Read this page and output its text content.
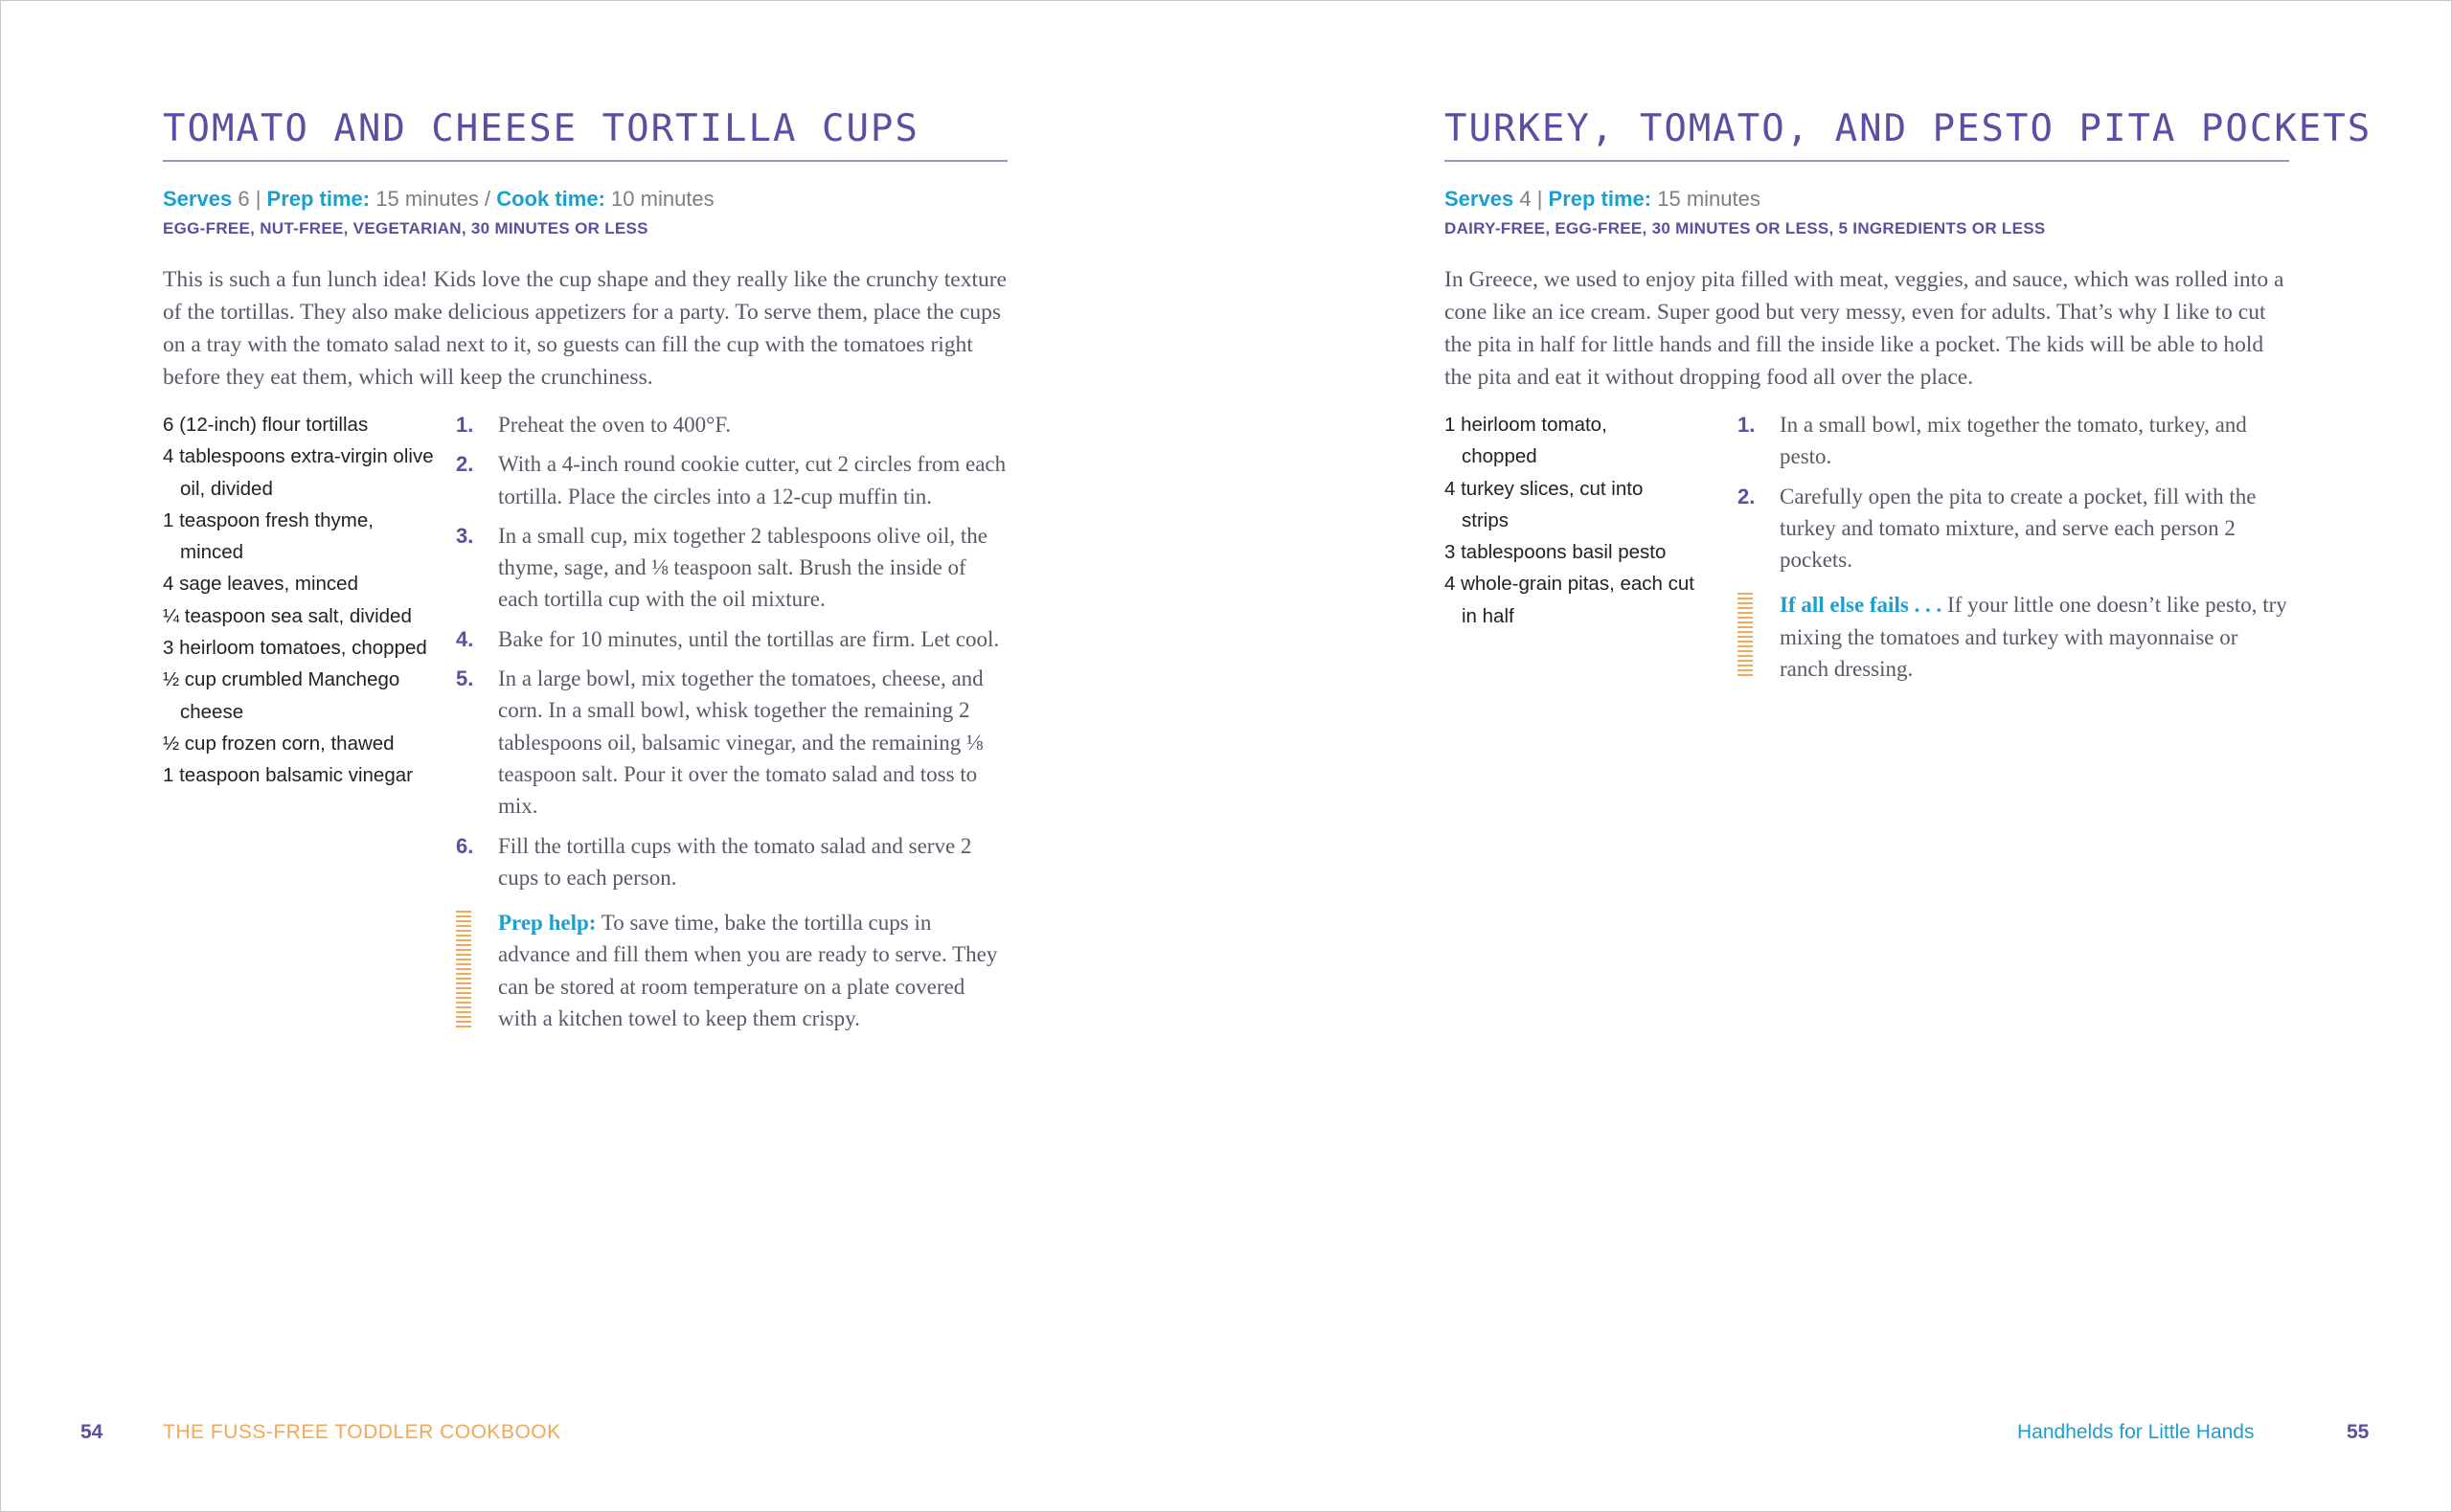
TOMATO AND CHEESE TORTILLA CUPS
Serves 6 | Prep time: 15 minutes / Cook time: 10 minutes
EGG-FREE, NUT-FREE, VEGETARIAN, 30 MINUTES OR LESS
This is such a fun lunch idea! Kids love the cup shape and they really like the crunchy texture of the tortillas. They also make delicious appetizers for a party. To serve them, place the cups on a tray with the tomato salad next to it, so guests can fill the cup with the tomatoes right before they eat them, which will keep the crunchiness.
6 (12-inch) flour tortillas
4 tablespoons extra-virgin olive oil, divided
1 teaspoon fresh thyme, minced
4 sage leaves, minced
¼ teaspoon sea salt, divided
3 heirloom tomatoes, chopped
½ cup crumbled Manchego cheese
½ cup frozen corn, thawed
1 teaspoon balsamic vinegar
1. Preheat the oven to 400°F.
2. With a 4-inch round cookie cutter, cut 2 circles from each tortilla. Place the circles into a 12-cup muffin tin.
3. In a small cup, mix together 2 tablespoons olive oil, the thyme, sage, and ⅛ teaspoon salt. Brush the inside of each tortilla cup with the oil mixture.
4. Bake for 10 minutes, until the tortillas are firm. Let cool.
5. In a large bowl, mix together the tomatoes, cheese, and corn. In a small bowl, whisk together the remaining 2 tablespoons oil, balsamic vinegar, and the remaining ⅛ teaspoon salt. Pour it over the tomato salad and toss to mix.
6. Fill the tortilla cups with the tomato salad and serve 2 cups to each person.
Prep help: To save time, bake the tortilla cups in advance and fill them when you are ready to serve. They can be stored at room temperature on a plate covered with a kitchen towel to keep them crispy.
54	THE FUSS-FREE TODDLER COOKBOOK
TURKEY, TOMATO, AND PESTO PITA POCKETS
Serves 4 | Prep time: 15 minutes
DAIRY-FREE, EGG-FREE, 30 MINUTES OR LESS, 5 INGREDIENTS OR LESS
In Greece, we used to enjoy pita filled with meat, veggies, and sauce, which was rolled into a cone like an ice cream. Super good but very messy, even for adults. That’s why I like to cut the pita in half for little hands and fill the inside like a pocket. The kids will be able to hold the pita and eat it without dropping food all over the place.
1 heirloom tomato, chopped
4 turkey slices, cut into strips
3 tablespoons basil pesto
4 whole-grain pitas, each cut in half
1. In a small bowl, mix together the tomato, turkey, and pesto.
2. Carefully open the pita to create a pocket, fill with the turkey and tomato mixture, and serve each person 2 pockets.
If all else fails . . . If your little one doesn’t like pesto, try mixing the tomatoes and turkey with mayonnaise or ranch dressing.
Handhelds for Little Hands	55
